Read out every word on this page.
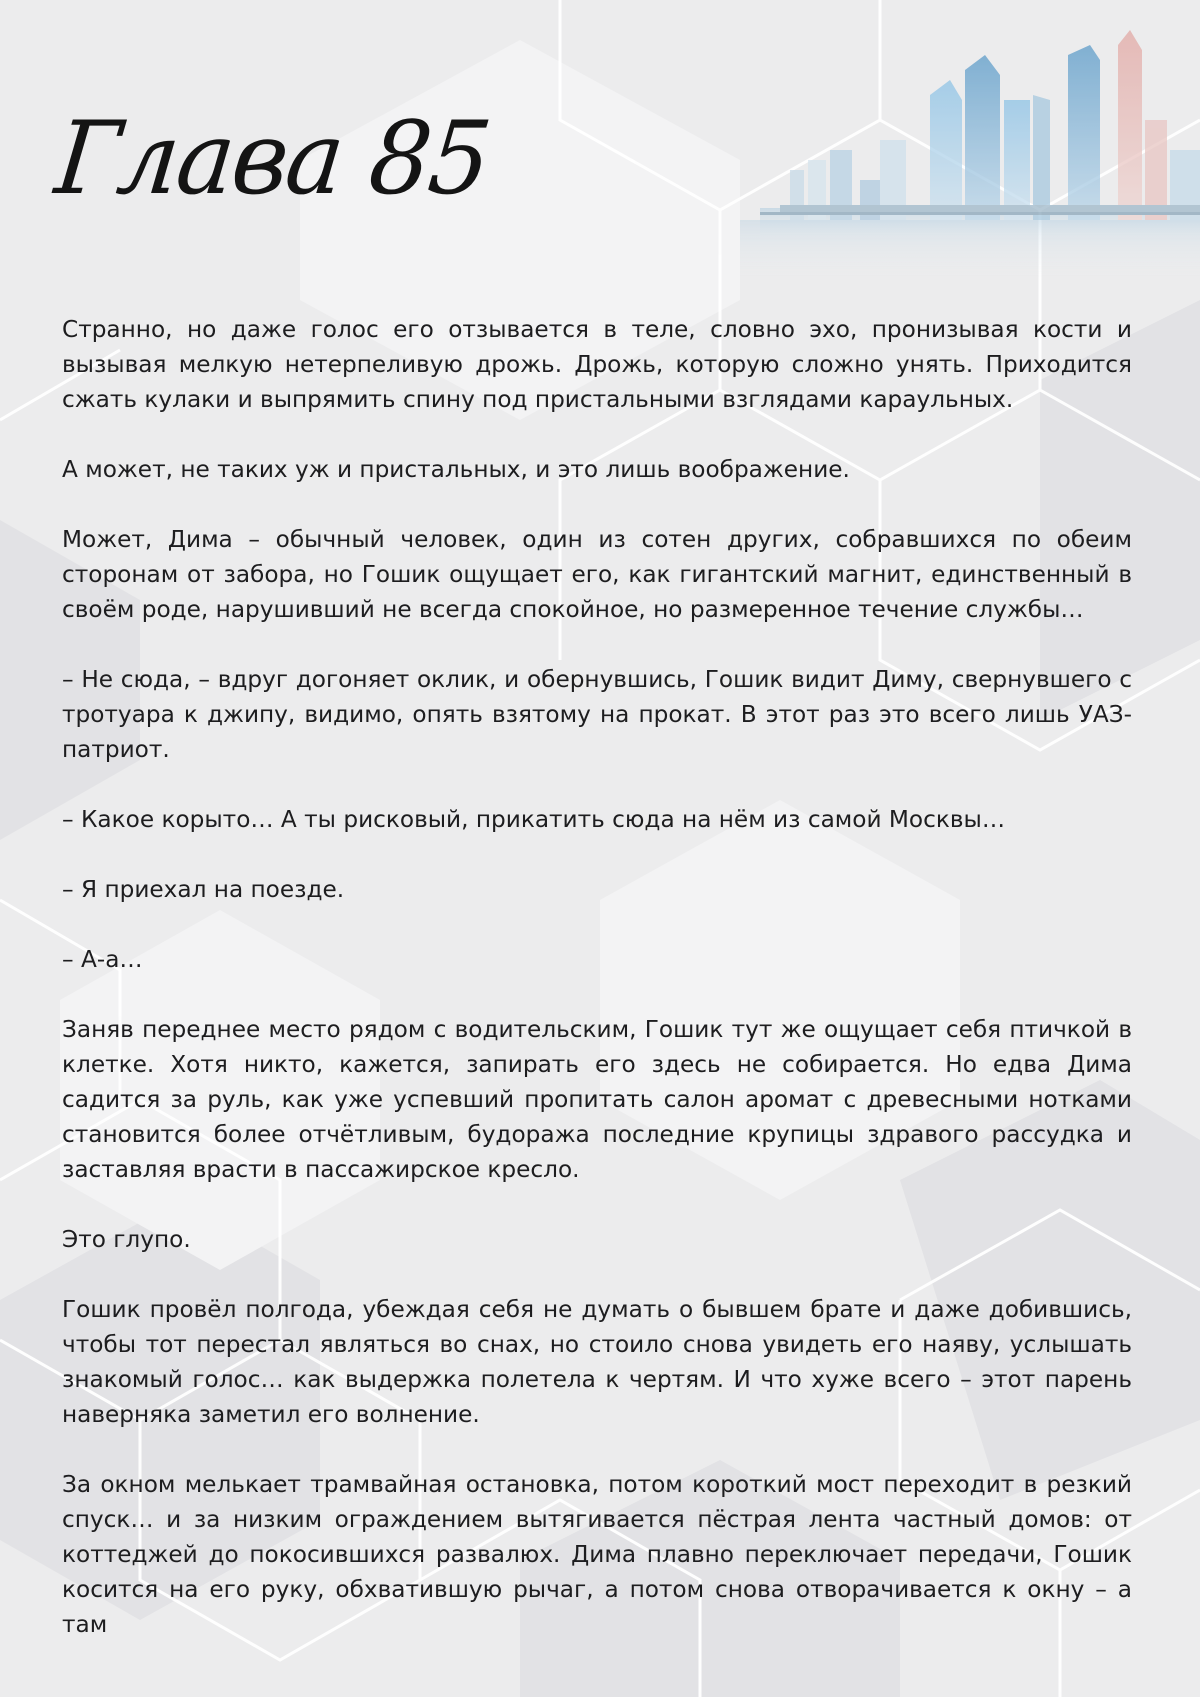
Глава 85

Странно, но даже голос его отзывается в теле, словно эхо, пронизывая кости и вызывая мелкую нетерпеливую дрожь. Дрожь, которую сложно унять. Приходится сжать кулаки и выпрямить спину под пристальными взглядами караульных.

А может, не таких уж и пристальных, и это лишь воображение.

Может, Дима – обычный человек, один из сотен других, собравшихся по обеим сторонам от забора, но Гошик ощущает его, как гигантский магнит, единственный в своём роде, нарушивший не всегда спокойное, но размеренное течение службы…

– Не сюда, – вдруг догоняет оклик, и обернувшись, Гошик видит Диму, свернувшего с тротуара к джипу, видимо, опять взятому на прокат. В этот раз это всего лишь УАЗ-патриот.

– Какое корыто… А ты рисковый, прикатить сюда на нём из самой Москвы…

– Я приехал на поезде.

– А-а…

Заняв переднее место рядом с водительским, Гошик тут же ощущает себя птичкой в клетке. Хотя никто, кажется, запирать его здесь не собирается. Но едва Дима садится за руль, как уже успевший пропитать салон аромат с древесными нотками становится более отчётливым, будоража последние крупицы здравого рассудка и заставляя врасти в пассажирское кресло.

Это глупо.

Гошик провёл полгода, убеждая себя не думать о бывшем брате и даже добившись, чтобы тот перестал являться во снах, но стоило снова увидеть его наяву, услышать знакомый голос… как выдержка полетела к чертям. И что хуже всего – этот парень наверняка заметил его волнение.

За окном мелькает трамвайная остановка, потом короткий мост переходит в резкий спуск… и за низким ограждением вытягивается пёстрая лента частный домов: от коттеджей до покосившихся развалюх. Дима плавно переключает передачи, Гошик косится на его руку, обхватившую рычаг, а потом снова отворачивается к окну – а там
